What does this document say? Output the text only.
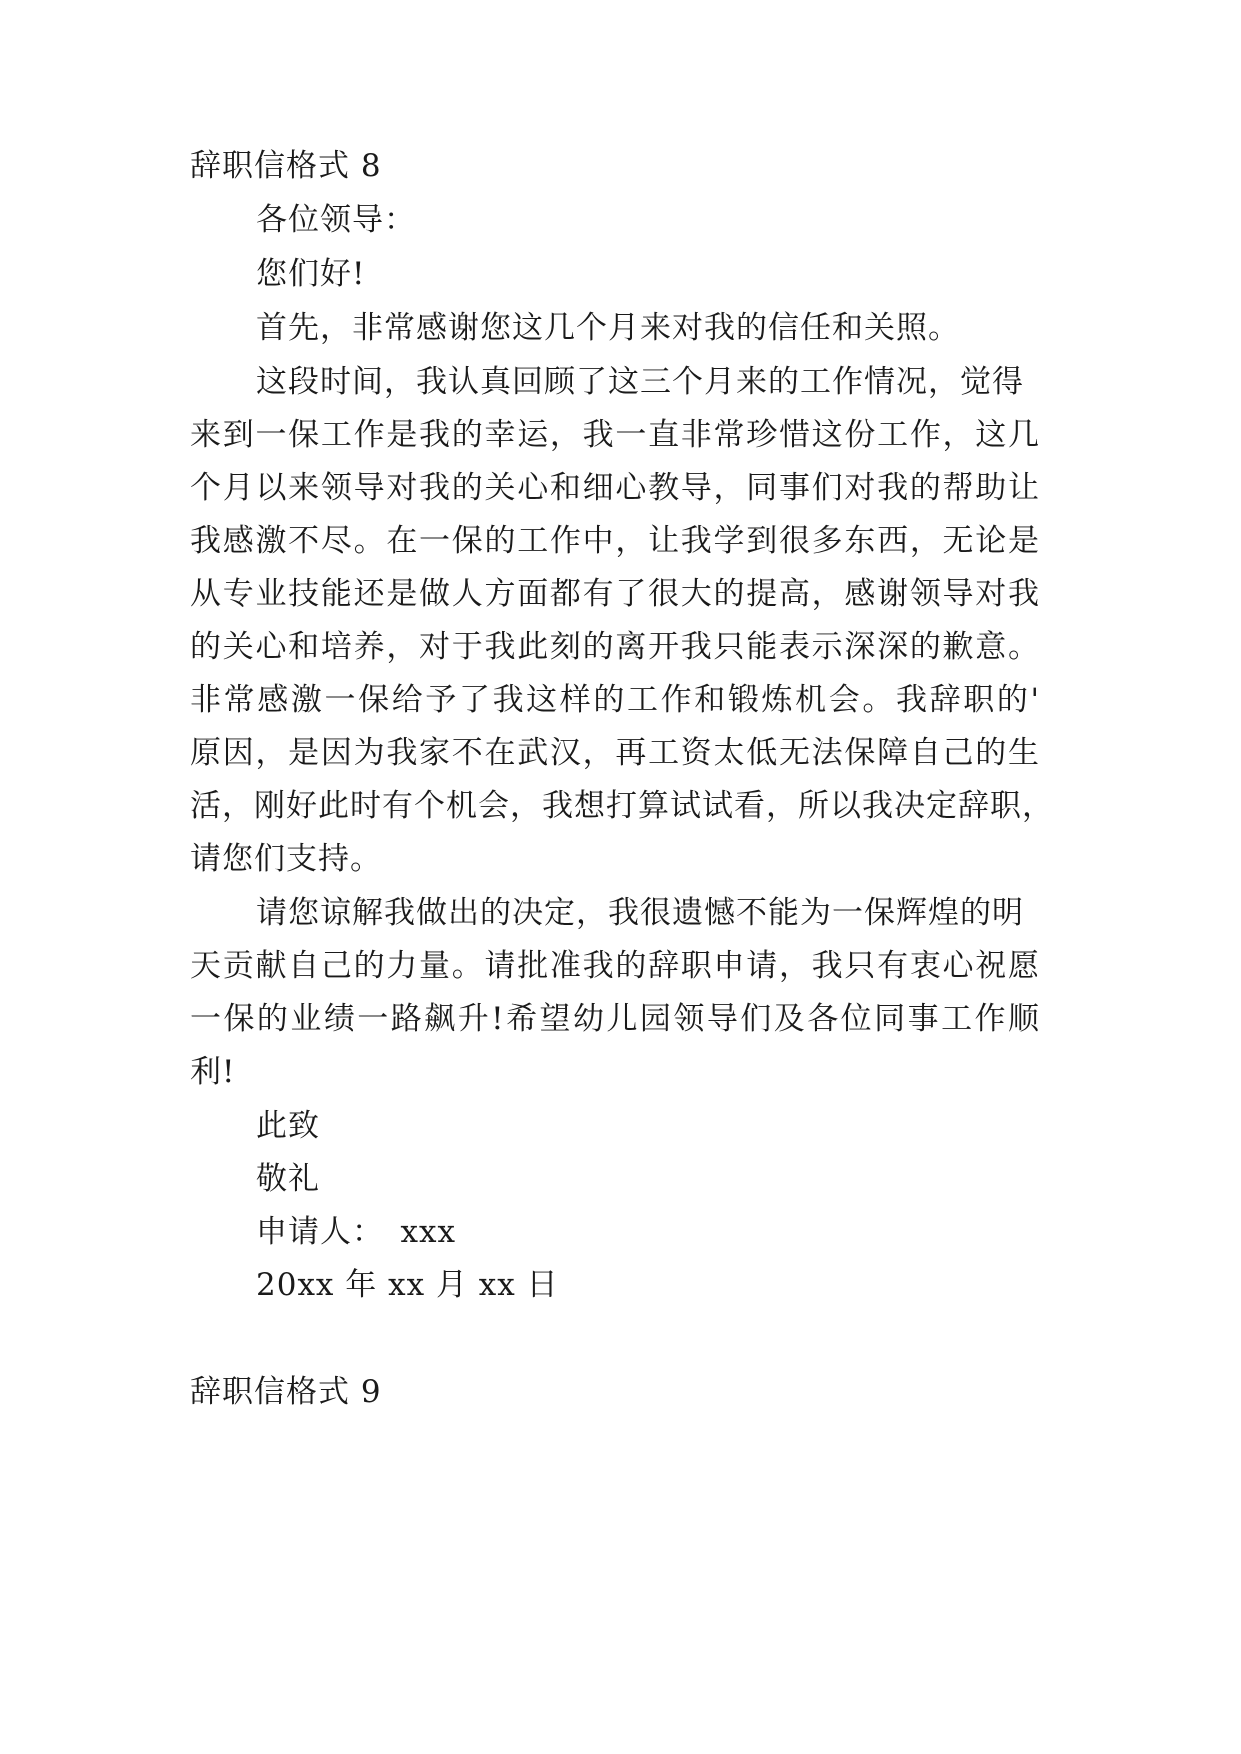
辞职信格式 8
各位领导：
您们好!
首先，非常感谢您这几个月来对我的信任和关照。
这段时间，我认真回顾了这三个月来的工作情况，觉得
来到一保工作是我的幸运，我一直非常珍惜这份工作，这几
个月以来领导对我的关心和细心教导，同事们对我的帮助让
我感激不尽。在一保的工作中，让我学到很多东西，无论是
从专业技能还是做人方面都有了很大的提高，感谢领导对我
的关心和培养，对于我此刻的离开我只能表示深深的歉意。
非常感激一保给予了我这样的工作和锻炼机会。我辞职的'
原因，是因为我家不在武汉，再工资太低无法保障自己的生
活，刚好此时有个机会，我想打算试试看，所以我决定辞职，
请您们支持。
请您谅解我做出的决定，我很遗憾不能为一保辉煌的明
天贡献自己的力量。请批准我的辞职申请，我只有衷心祝愿
一保的业绩一路飙升!希望幼儿园领导们及各位同事工作顺
利!
此致
敬礼
申请人：　xxx
20xx 年 xx 月 xx 日
辞职信格式 9
